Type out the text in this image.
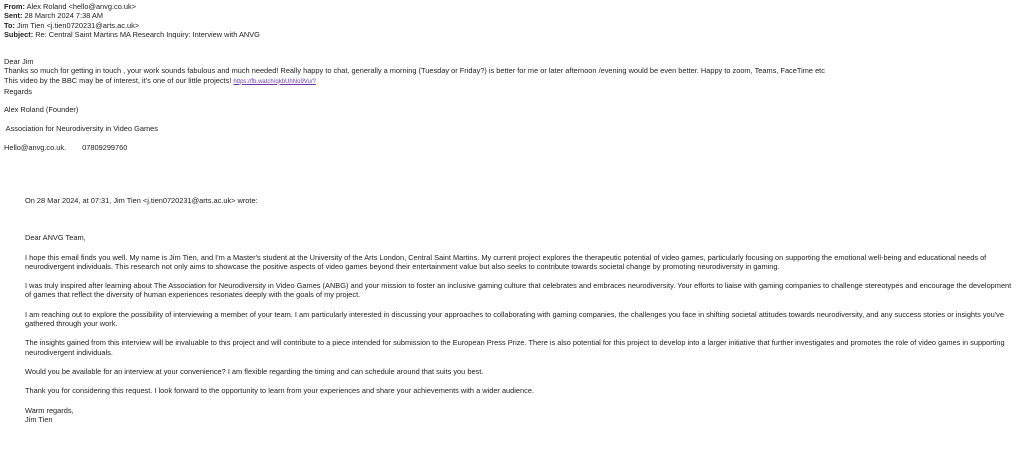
From: Alex Roland <hello@anvg.co.uk>
Sent: 28 March 2024 7:38 AM
To: Jim Tien <j.tien0720231@arts.ac.uk>
Subject: Re: Central Saint Martins MA Research Inquiry: Interview with ANVG

Dear Jim

Thanks so much for getting in touch , your work sounds fabulous and much needed! Really happy to chat, generally a morning (Tuesday or Friday?) is better for me or later afternoon /evening would be even better. Happy to zoom, Teams, FaceTime etc

This video by the BBC may be of interest, it's one of our little projects! https://fb.watch/qkbUhNo9Vu/?

Regards

Alex Roland (Founder)

Association for Neurodiversity in Video Games

Hello@anvg.co.uk. 07809299760

On 28 Mar 2024, at 07:31, Jim Tien <j.tien0720231@arts.ac.uk> wrote:

Dear ANVG Team,

I hope this email finds you well. My name is Jim Tien, and I'm a Master's student at the University of the Arts London, Central Saint Martins. My current project explores the therapeutic potential of video games, particularly focusing on supporting the emotional well-being and educational needs of neurodivergent individuals. This research not only aims to showcase the positive aspects of video games beyond their entertainment value but also seeks to contribute towards societal change by promoting neurodiversity in gaming.

I was truly inspired after learning about The Association for Neurodiversity in Video Games (ANBG) and your mission to foster an inclusive gaming culture that celebrates and embraces neurodiversity. Your efforts to liaise with gaming companies to challenge stereotypes and encourage the development of games that reflect the diversity of human experiences resonates deeply with the goals of my project.

I am reaching out to explore the possibility of interviewing a member of your team. I am particularly interested in discussing your approaches to collaborating with gaming companies, the challenges you face in shifting societal attitudes towards neurodiversity, and any success stories or insights you've gathered through your work.

The insights gained from this interview will be invaluable to this project and will contribute to a piece intended for submission to the European Press Prize. There is also potential for this project to develop into a larger initiative that further investigates and promotes the role of video games in supporting neurodivergent individuals.

Would you be available for an interview at your convenience? I am flexible regarding the timing and can schedule around that suits you best.

Thank you for considering this request. I look forward to the opportunity to learn from your experiences and share your achievements with a wider audience.

Warm regards,

Jim Tien
